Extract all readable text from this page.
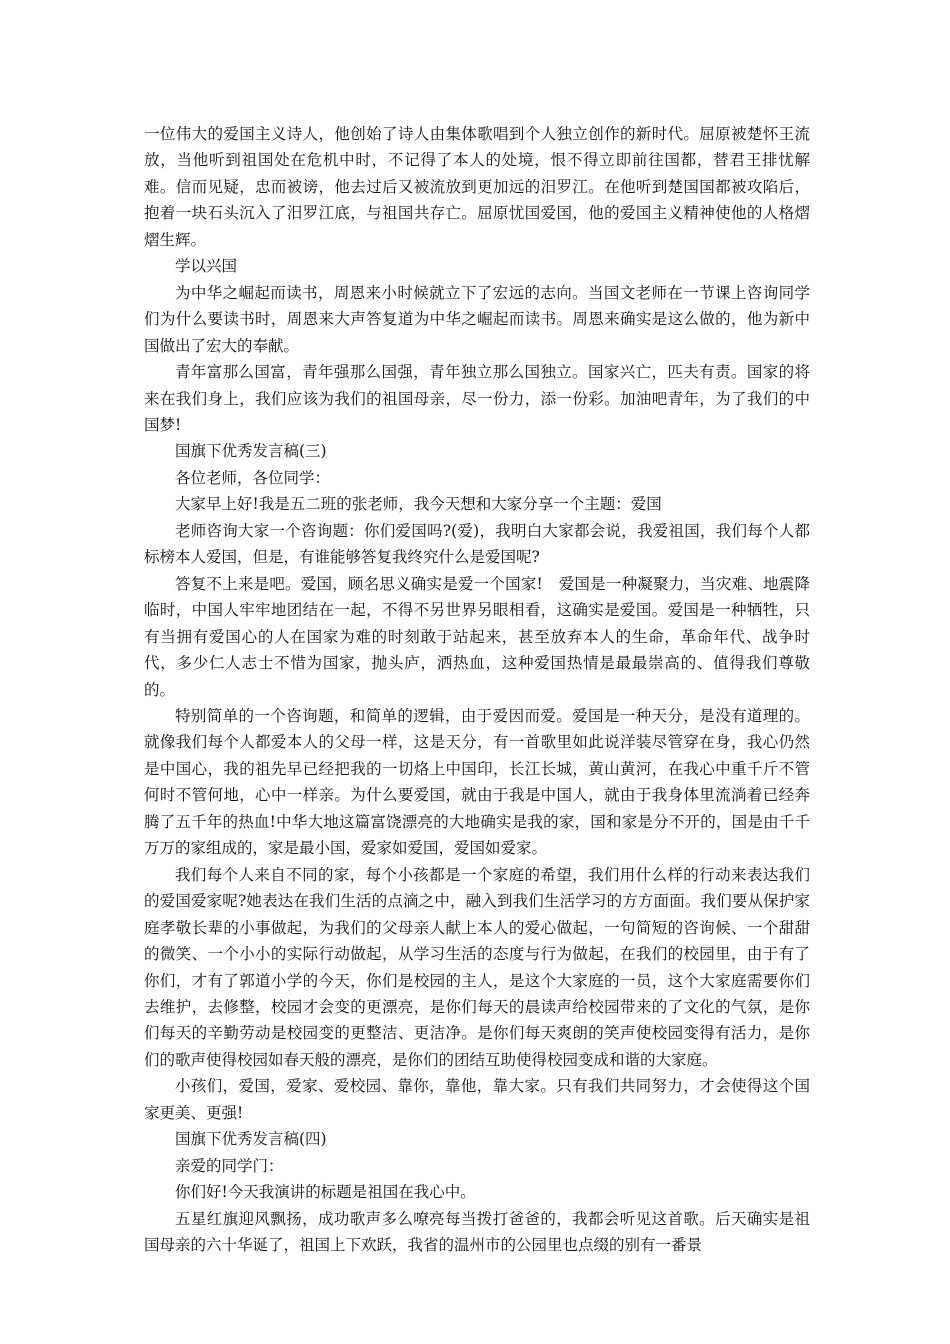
一位伟大的爱国主义诗人，他创始了诗人由集体歌唱到个人独立创作的新时代。屈原被楚怀王流放，当他听到祖国处在危机中时，不记得了本人的处境，恨不得立即前往国都，替君王排忧解难。信而见疑，忠而被谤，他去过后又被流放到更加远的汨罗江。在他听到楚国国都被攻陷后，抱着一块石头沉入了汨罗江底，与祖国共存亡。屈原忧国爱国，他的爱国主义精神使他的人格熠熠生辉。

学以兴国

为中华之崛起而读书，周恩来小时候就立下了宏远的志向。当国文老师在一节课上咨询同学们为什么要读书时，周恩来大声答复道为中华之崛起而读书。周恩来确实是这么做的，他为新中国做出了宏大的奉献。

青年富那么国富，青年强那么国强，青年独立那么国独立。国家兴亡，匹夫有责。国家的将来在我们身上，我们应该为我们的祖国母亲，尽一份力，添一份彩。加油吧青年，为了我们的中国梦!

国旗下优秀发言稿(三)

各位老师，各位同学：

大家早上好!我是五二班的张老师，我今天想和大家分享一个主题：爱国

老师咨询大家一个咨询题：你们爱国吗?(爱)，我明白大家都会说，我爱祖国，我们每个人都标榜本人爱国，但是，有谁能够答复我终究什么是爱国呢?

答复不上来是吧。爱国，顾名思义确实是爱一个国家!　爱国是一种凝聚力，当灾难、地震降临时，中国人牢牢地团结在一起，不得不另世界另眼相看，这确实是爱国。爱国是一种牺牲，只有当拥有爱国心的人在国家为难的时刻敢于站起来，甚至放弃本人的生命，革命年代、战争时代，多少仁人志士不惜为国家，抛头庐，洒热血，这种爱国热情是最最崇高的、值得我们尊敬的。

特别简单的一个咨询题，和简单的逻辑，由于爱因而爱。爱国是一种天分，是没有道理的。就像我们每个人都爱本人的父母一样，这是天分，有一首歌里如此说洋装尽管穿在身，我心仍然是中国心，我的祖先早已经把我的一切烙上中国印，长江长城，黄山黄河，在我心中重千斤不管何时不管何地，心中一样亲。为什么要爱国，就由于我是中国人，就由于我身体里流淌着已经奔腾了五千年的热血!中华大地这篇富饶漂亮的大地确实是我的家，国和家是分不开的，国是由千千万万的家组成的，家是最小国，爱家如爱国，爱国如爱家。

我们每个人来自不同的家，每个小孩都是一个家庭的希望，我们用什么样的行动来表达我们的爱国爱家呢?她表达在我们生活的点滴之中，融入到我们生活学习的方方面面。我们要从保护家庭孝敬长辈的小事做起，为我们的父母亲人献上本人的爱心做起，一句简短的咨询候、一个甜甜的微笑、一个小小的实际行动做起，从学习生活的态度与行为做起，在我们的校园里，由于有了你们，才有了郭道小学的今天，你们是校园的主人，是这个大家庭的一员，这个大家庭需要你们去维护，去修整，校园才会变的更漂亮，是你们每天的晨读声给校园带来的了文化的气氛，是你们每天的辛勤劳动是校园变的更整洁、更洁净。是你们每天爽朗的笑声使校园变得有活力，是你们的歌声使得校园如春天般的漂亮，是你们的团结互助使得校园变成和谐的大家庭。

小孩们，爱国，爱家、爱校园、靠你，靠他，靠大家。只有我们共同努力，才会使得这个国家更美、更强!

国旗下优秀发言稿(四)

亲爱的同学门：

你们好!今天我演讲的标题是祖国在我心中。

五星红旗迎风飘扬，成功歌声多么嘹亮每当拨打爸爸的，我都会听见这首歌。后天确实是祖国母亲的六十华诞了，祖国上下欢跃，我省的温州市的公园里也点缀的别有一番景
